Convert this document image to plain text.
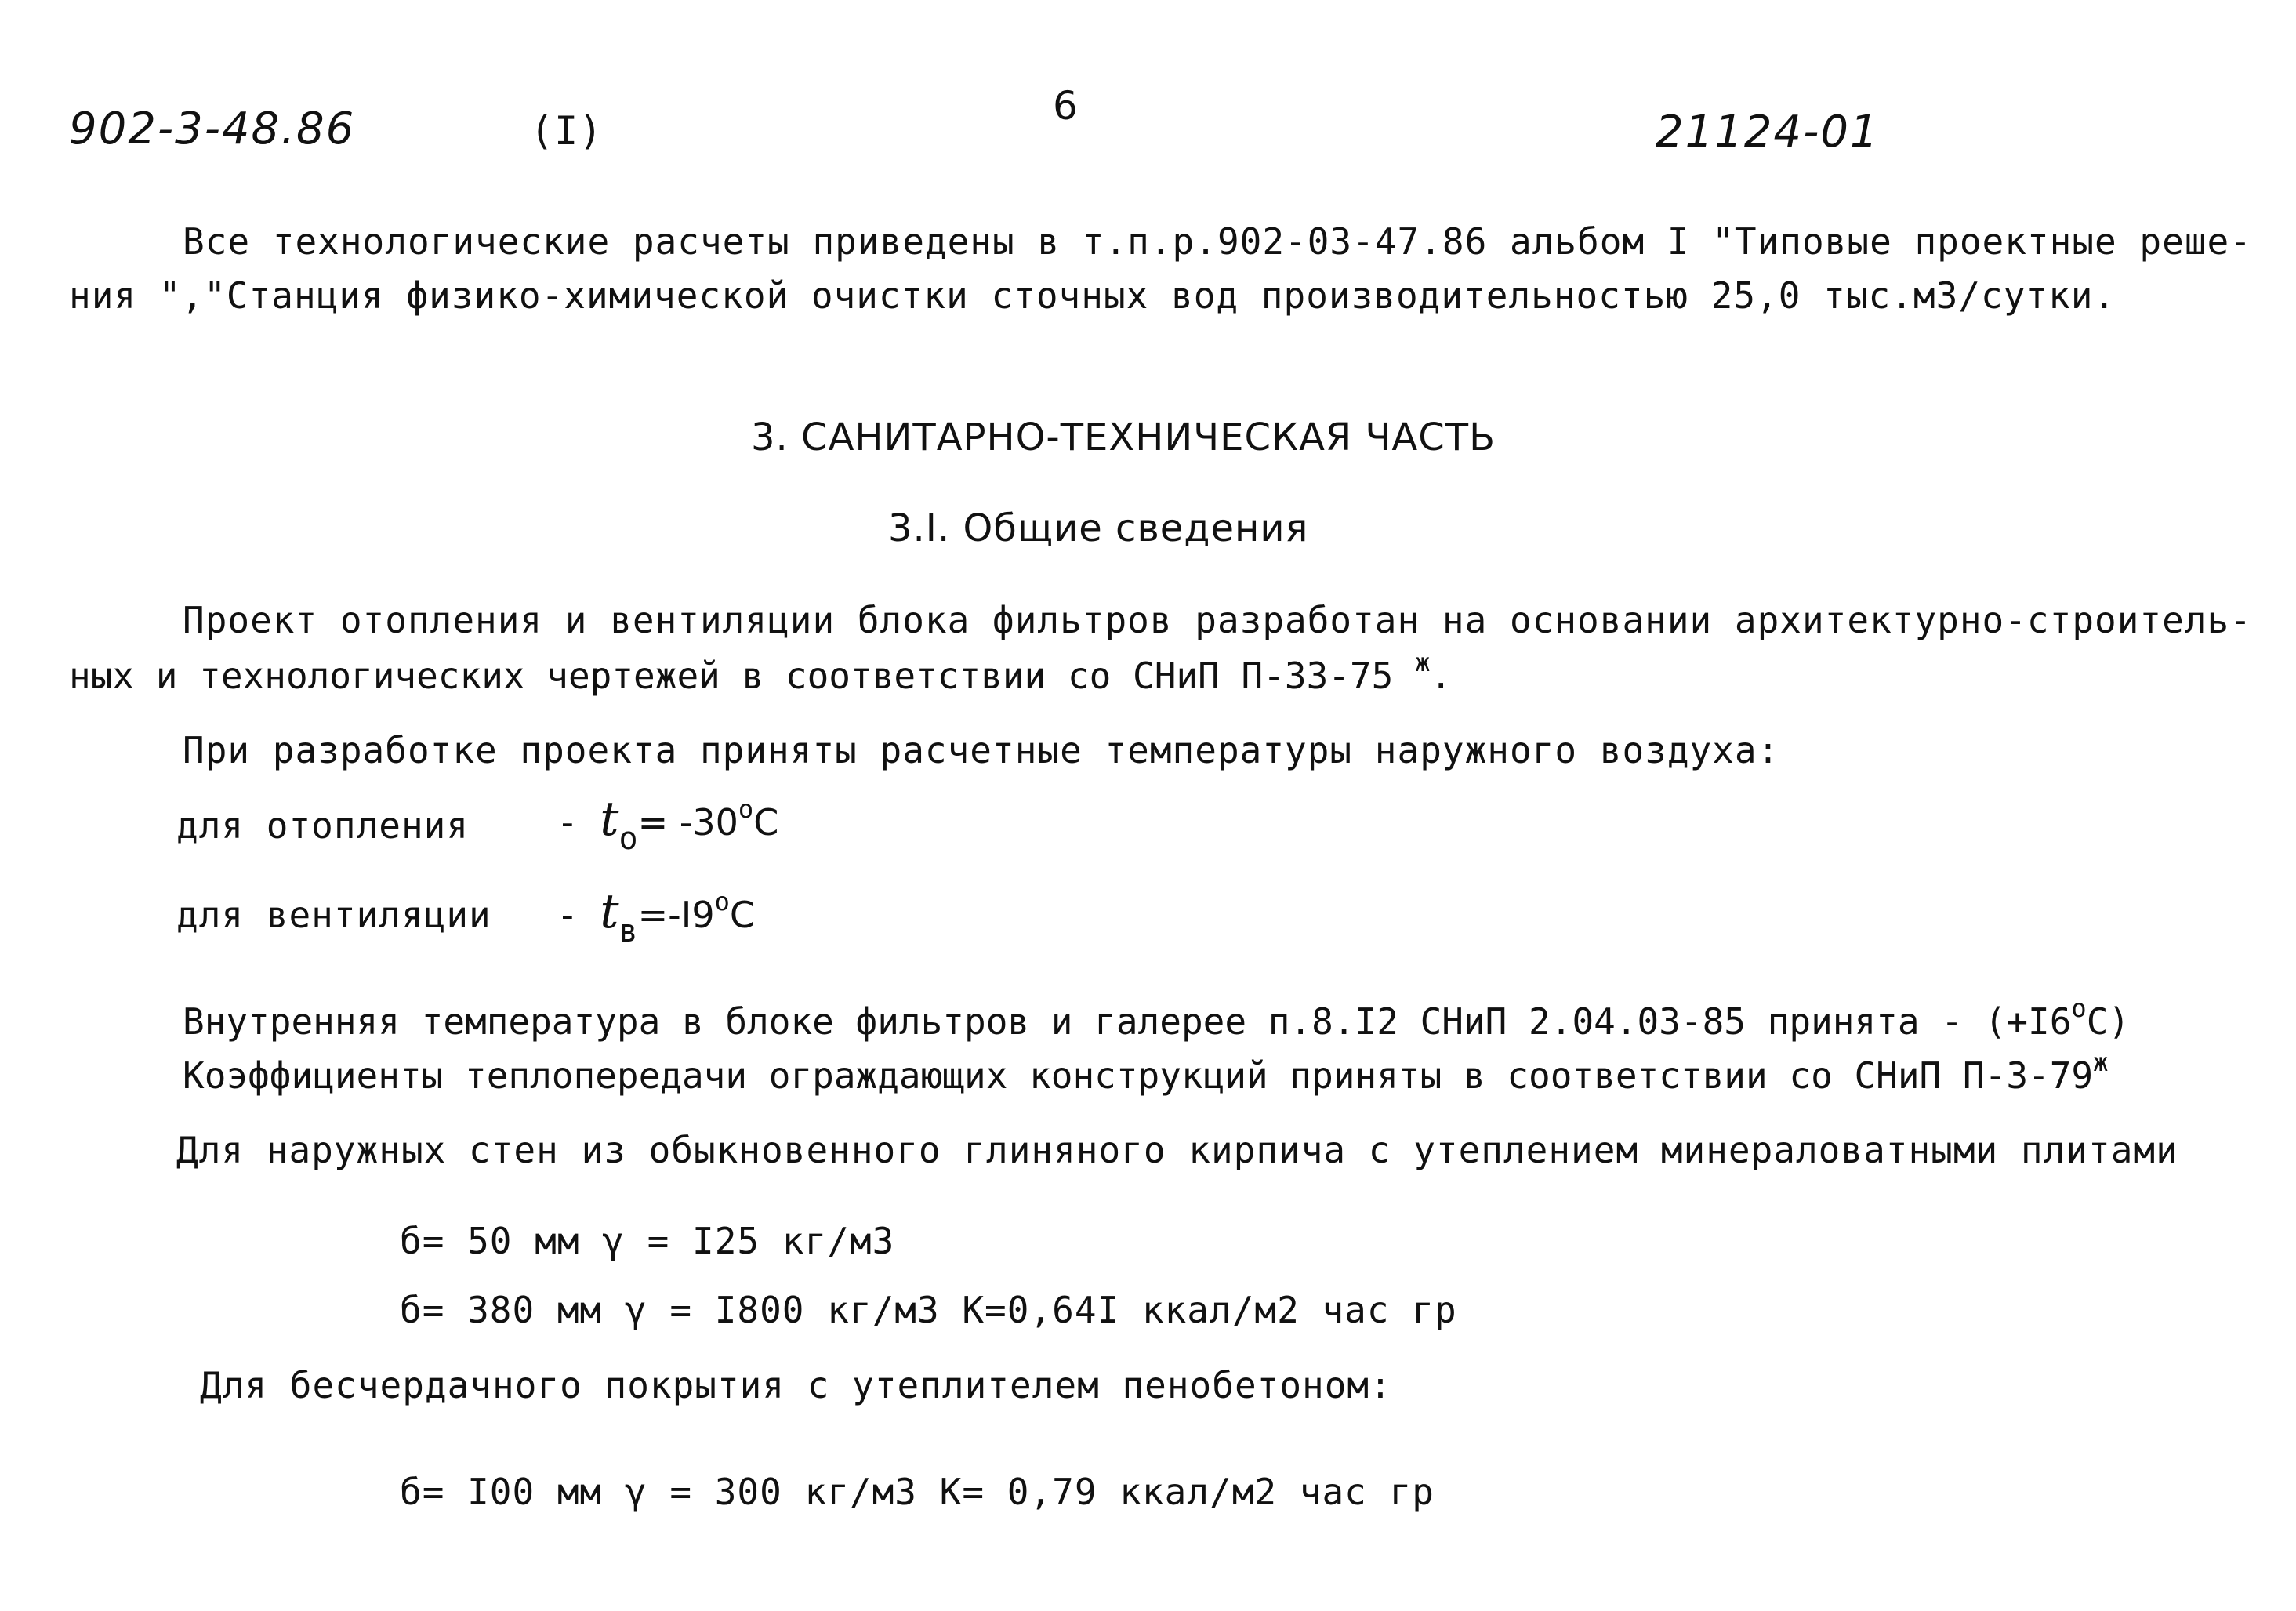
902-3-48.86	(I)
6
21124-01
Все технологические расчеты приведены в т.п.р.902-03-47.86 альбом I "Типовые проектные реше-
ния ","Станция физико-химической очистки сточных вод производительностью 25,0 тыс.м3/сутки.
3. САНИТАРНО-ТЕХНИЧЕСКАЯ ЧАСТЬ
3.I. Общие сведения
Проект отопления и вентиляции блока фильтров разработан на основании архитектурно-строитель-
ных и технологических чертежей в соответствии со СНиП П-33-75 $^ж$.
При разработке проекта приняты расчетные температуры наружного воздуха:
для отопления - $tо= -30^оС$
для вентиляции - $tв=-I9^оС$
Внутренняя температура в блоке фильтров и галерее п.8.I2 СНиП 2.04.03-85 принята - $(+I6^оС)$
Коэффициенты теплопередачи ограждающих конструкций приняты в соответствии со СНиП $П-3-79^ж$
Для наружных стен из обыкновенного глиняного кирпича с утеплением минераловатными плитами
б= 50 мм γ = I25 кг/м3
б= 380 мм γ = I800 кг/м3 К=0,64I ккал/м2 час гр
Для бесчердачного покрытия с утеплителем пенобетоном:
б= I00 мм γ = 300 кг/м3 К= 0,79 ккал/м2 час гр
